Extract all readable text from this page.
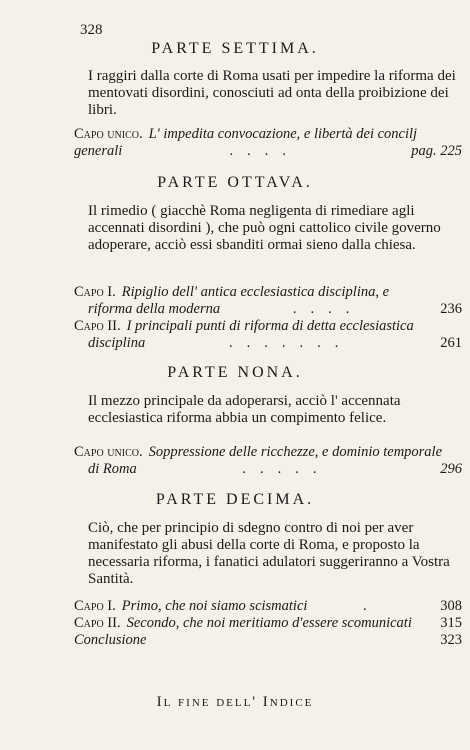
328
PARTE SETTIMA.
I raggiri dalla corte di Roma usati per impedire la riforma dei mentovati disordini, conosciuti ad onta della proibizione dei libri.
Capo unico. L' impedita convocazione, e libertà dei concilj
generali	....	pag. 225
PARTE OTTAVA.
Il rimedio ( giacchè Roma negligenta di rimediare agli accennati disordini ), che può ogni cattolico civile governo adoperare, acciò essi sbanditi ormai sieno dalla chiesa.
Capo I. Ripiglio dell' antica ecclesiastica disciplina, e
riforma della moderna	....	236
Capo II. I principali punti di riforma di detta ecclesiastica
disciplina	.......	261
PARTE NONA.
Il mezzo principale da adoperarsi, acciò l' accennata ecclesiastica riforma abbia un compimento felice.
Capo unico. Soppressione delle ricchezze, e dominio temporale
di Roma	.....	296
PARTE DECIMA.
Ciò, che per principio di sdegno contro di noi per aver manifestato gli abusi della corte di Roma, e proposto la necessaria riforma, i fanatici adulatori suggeriranno a Vostra Santità.
Capo I. Primo, che noi siamo scismatici	.	308
Capo II. Secondo, che noi meritiamo d'essere scomunicati 315
Conclusione	323
Il fine dell' Indice
